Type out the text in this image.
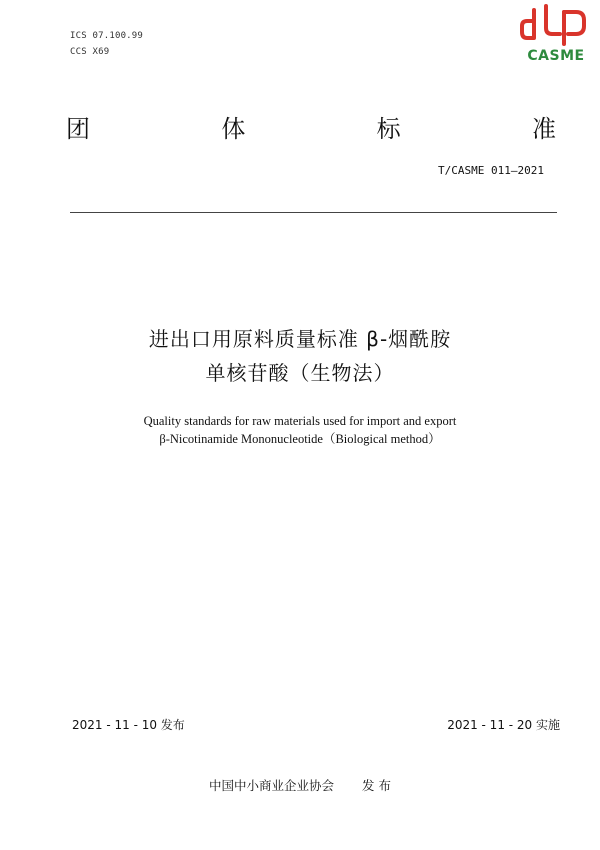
ICS 07.100.99
CCS X69	CASME
团	体	标	准
T/CASME 011—2021
进出口用原料质量标准 β-烟酰胺
单核苷酸（生物法）
Quality standards for raw materials used for import and export
β-Nicotinamide Mononucleotide（Biological method）
2021 - 11 - 10 发布	2021 - 11 - 20 实施
中国中小商业企业协会 发 布
